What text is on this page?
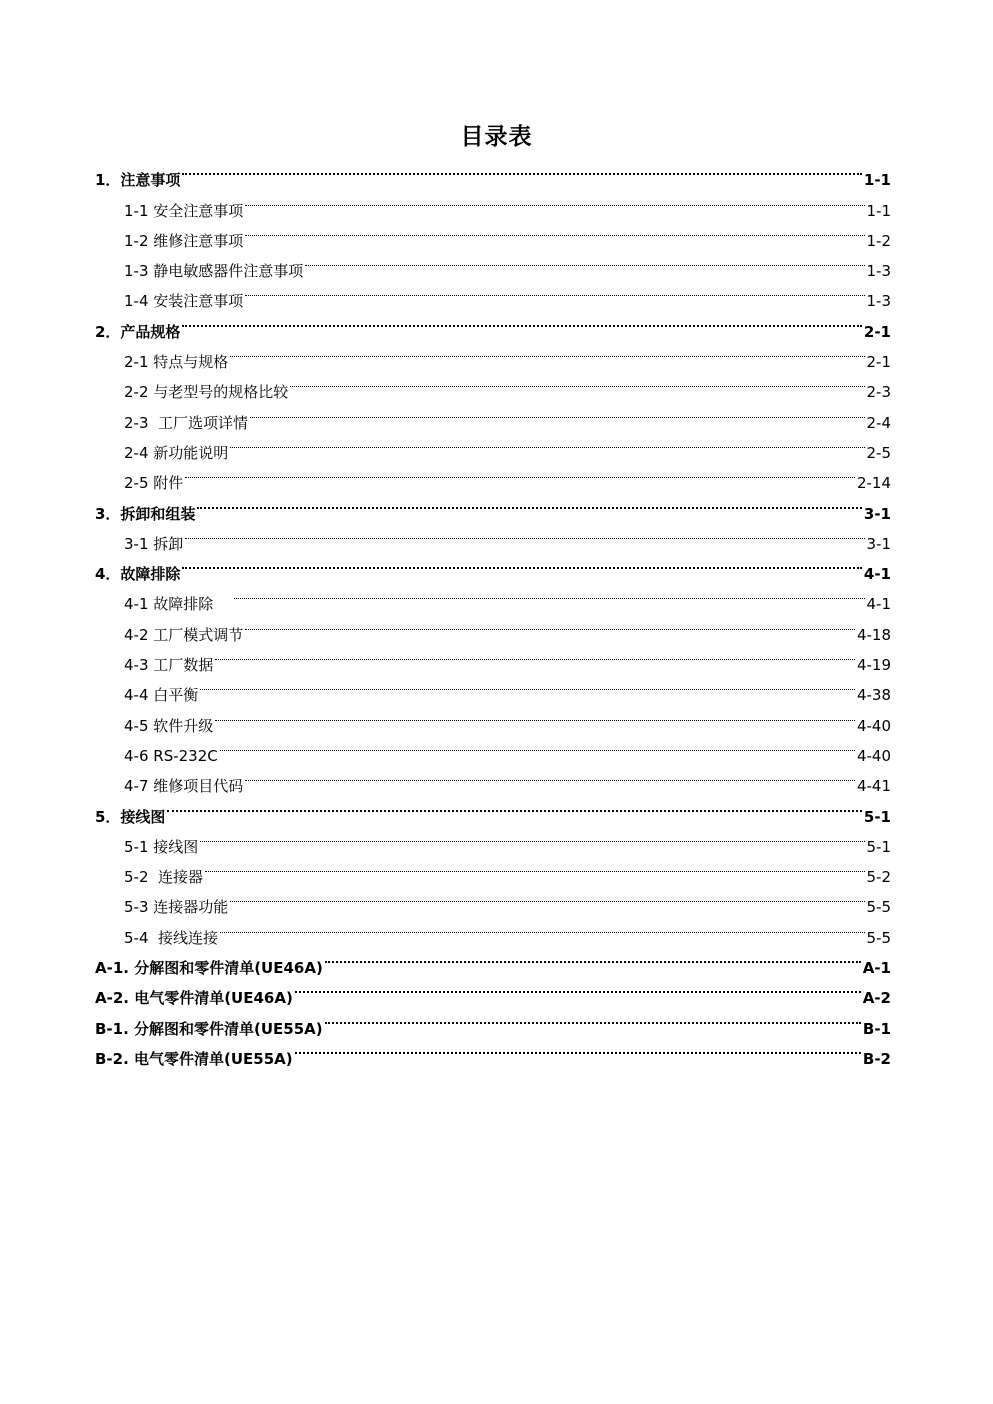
目录表
1．注意事项	1-1
1-1 安全注意事项	1-1
1-2 维修注意事项	1-2
1-3 静电敏感器件注意事项	1-3
1-4 安装注意事项	1-3
2．产品规格	2-1
2-1 特点与规格	2-1
2-2 与老型号的规格比较	2-3
2-3  工厂选项详情	2-4
2-4 新功能说明	2-5
2-5 附件	2-14
3．拆卸和组装	3-1
3-1 拆卸	3-1
4．故障排除	4-1
4-1 故障排除	4-1
4-2 工厂模式调节	4-18
4-3 工厂数据	4-19
4-4 白平衡	4-38
4-5 软件升级	4-40
4-6 RS-232C	4-40
4-7 维修项目代码	4-41
5．接线图	5-1
5-1 接线图	5-1
5-2  连接器	5-2
5-3 连接器功能	5-5
5-4  接线连接	5-5
A-1. 分解图和零件清单(UE46A)	A-1
A-2. 电气零件清单(UE46A)	A-2
B-1. 分解图和零件清单(UE55A)	B-1
B-2. 电气零件清单(UE55A)	B-2
